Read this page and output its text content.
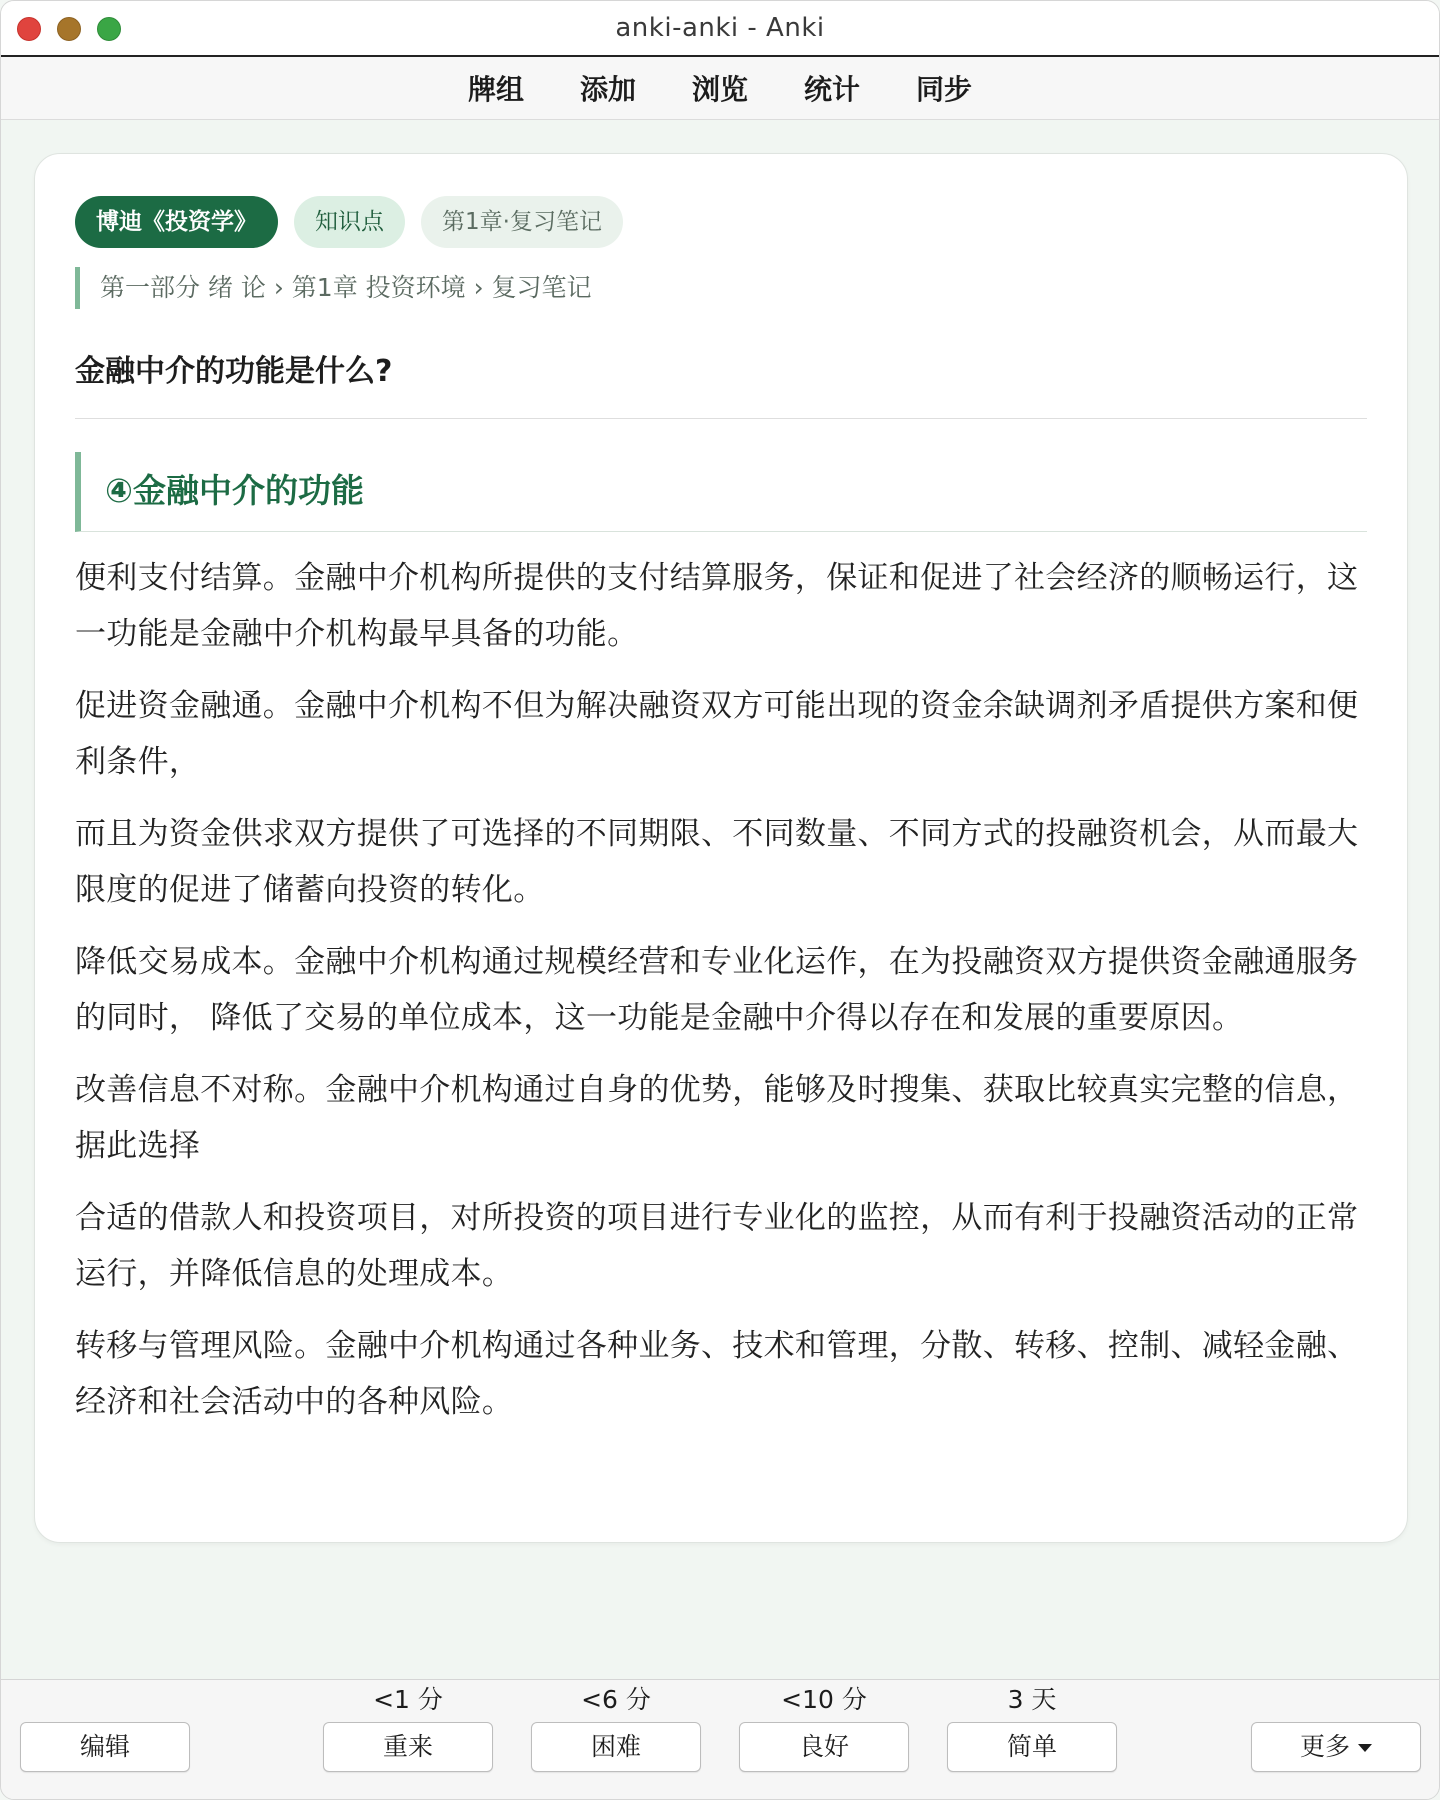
anki-anki - Anki
牌组 添加 浏览 统计 同步
博迪《投资学》	知识点	第1章·复习笔记
第一部分 绪 论 › 第1章 投资环境 › 复习笔记
金融中介的功能是什么?
④金融中介的功能

便利支付结算。金融中介机构所提供的支付结算服务，保证和促进了社会经济的顺畅运行，这一功能是金融中介机构最早具备的功能。

促进资金融通。金融中介机构不但为解决融资双方可能出现的资金余缺调剂矛盾提供方案和便利条件，

而且为资金供求双方提供了可选择的不同期限、不同数量、不同方式的投融资机会，从而最大限度的促进了储蓄向投资的转化。

降低交易成本。金融中介机构通过规模经营和专业化运作，在为投融资双方提供资金融通服务的同时， 降低了交易的单位成本，这一功能是金融中介得以存在和发展的重要原因。

改善信息不对称。金融中介机构通过自身的优势，能够及时搜集、获取比较真实完整的信息，据此选择

合适的借款人和投资项目，对所投资的项目进行专业化的监控，从而有利于投融资活动的正常运行，并降低信息的处理成本。

转移与管理风险。金融中介机构通过各种业务、技术和管理，分散、转移、控制、减轻金融、经济和社会活动中的各种风险。

编辑
<1 分
重来
<6 分
困难
<10 分
良好
3 天
简单	更多
